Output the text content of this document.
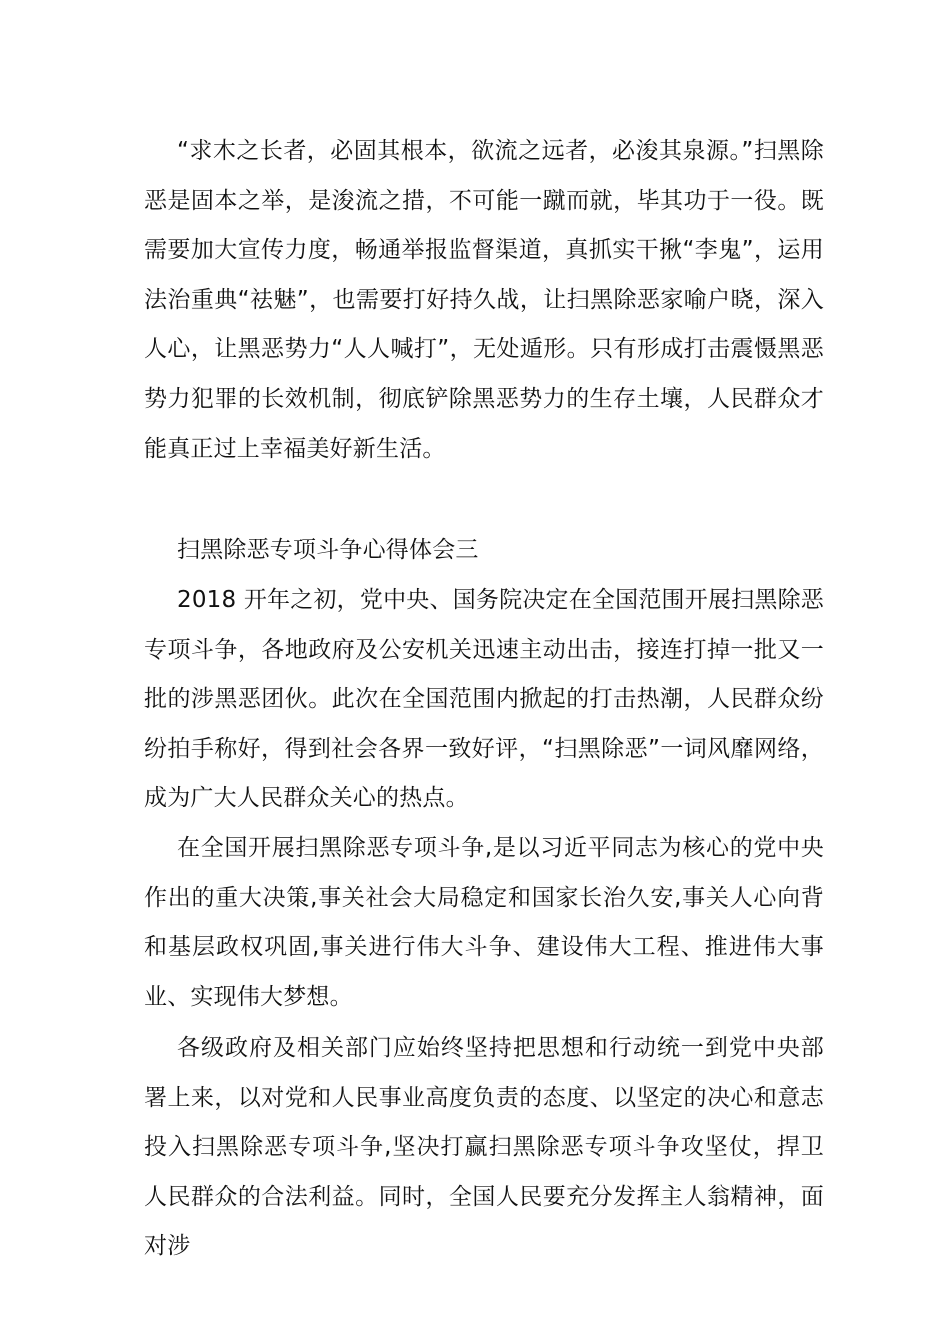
“求木之长者，必固其根本，欲流之远者，必浚其泉源。”扫黑除恶是固本之举，是浚流之措，不可能一蹴而就，毕其功于一役。既需要加大宣传力度，畅通举报监督渠道，真抓实干揪“李鬼”，运用法治重典“祛魅”，也需要打好持久战，让扫黑除恶家喻户晓，深入人心，让黑恶势力“人人喊打”，无处遁形。只有形成打击震慑黑恶势力犯罪的长效机制，彻底铲除黑恶势力的生存土壤，人民群众才能真正过上幸福美好新生活。

扫黑除恶专项斗争心得体会三

2018 开年之初，党中央、国务院决定在全国范围开展扫黑除恶专项斗争，各地政府及公安机关迅速主动出击，接连打掉一批又一批的涉黑恶团伙。此次在全国范围内掀起的打击热潮，人民群众纷纷拍手称好，得到社会各界一致好评，“扫黑除恶”一词风靡网络，成为广大人民群众关心的热点。

在全国开展扫黑除恶专项斗争,是以习近平同志为核心的党中央作出的重大决策,事关社会大局稳定和国家长治久安,事关人心向背和基层政权巩固,事关进行伟大斗争、建设伟大工程、推进伟大事业、实现伟大梦想。

各级政府及相关部门应始终坚持把思想和行动统一到党中央部署上来，以对党和人民事业高度负责的态度、以坚定的决心和意志投入扫黑除恶专项斗争,坚决打赢扫黑除恶专项斗争攻坚仗，捍卫人民群众的合法利益。同时，全国人民要充分发挥主人翁精神，面对涉
